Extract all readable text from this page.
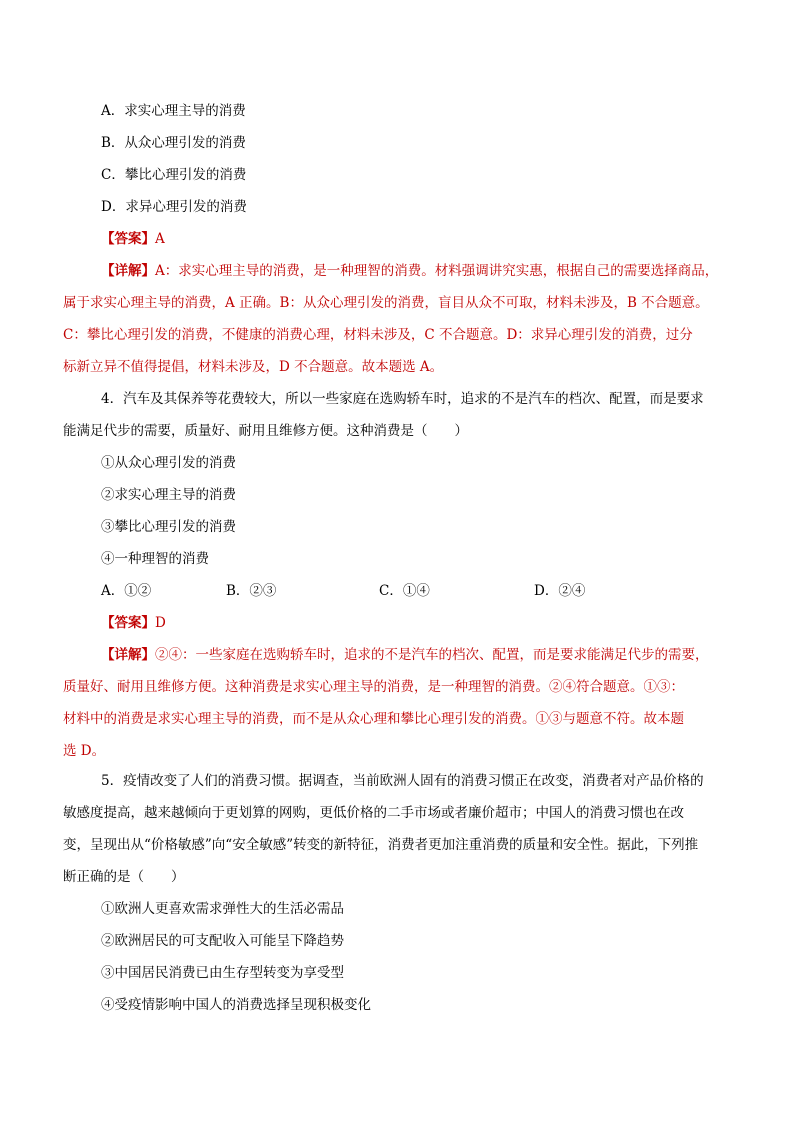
A．求实心理主导的消费
B．从众心理引发的消费
C．攀比心理引发的消费
D．求异心理引发的消费
【答案】A
【详解】A：求实心理主导的消费，是一种理智的消费。材料强调讲究实惠，根据自己的需要选择商品，
属于求实心理主导的消费，A 正确。B：从众心理引发的消费，盲目从众不可取，材料未涉及，B 不合题意。
C：攀比心理引发的消费，不健康的消费心理，材料未涉及，C 不合题意。D：求异心理引发的消费，过分
标新立异不值得提倡，材料未涉及，D 不合题意。故本题选 A。
4．汽车及其保养等花费较大，所以一些家庭在选购轿车时，追求的不是汽车的档次、配置，而是要求
能满足代步的需要，质量好、耐用且维修方便。这种消费是（　　）
①从众心理引发的消费
②求实心理主导的消费
③攀比心理引发的消费
④一种理智的消费
A．①②	B．②③	C．①④	D．②④
【答案】D
【详解】②④：一些家庭在选购轿车时，追求的不是汽车的档次、配置，而是要求能满足代步的需要，
质量好、耐用且维修方便。这种消费是求实心理主导的消费，是一种理智的消费。②④符合题意。①③：
材料中的消费是求实心理主导的消费，而不是从众心理和攀比心理引发的消费。①③与题意不符。故本题
选 D。
5．疫情改变了人们的消费习惯。据调查，当前欧洲人固有的消费习惯正在改变，消费者对产品价格的
敏感度提高，越来越倾向于更划算的网购，更低价格的二手市场或者廉价超市；中国人的消费习惯也在改
变，呈现出从“价格敏感”向“安全敏感”转变的新特征，消费者更加注重消费的质量和安全性。据此，下列推
断正确的是（　　）
①欧洲人更喜欢需求弹性大的生活必需品
②欧洲居民的可支配收入可能呈下降趋势
③中国居民消费已由生存型转变为享受型
④受疫情影响中国人的消费选择呈现积极变化
